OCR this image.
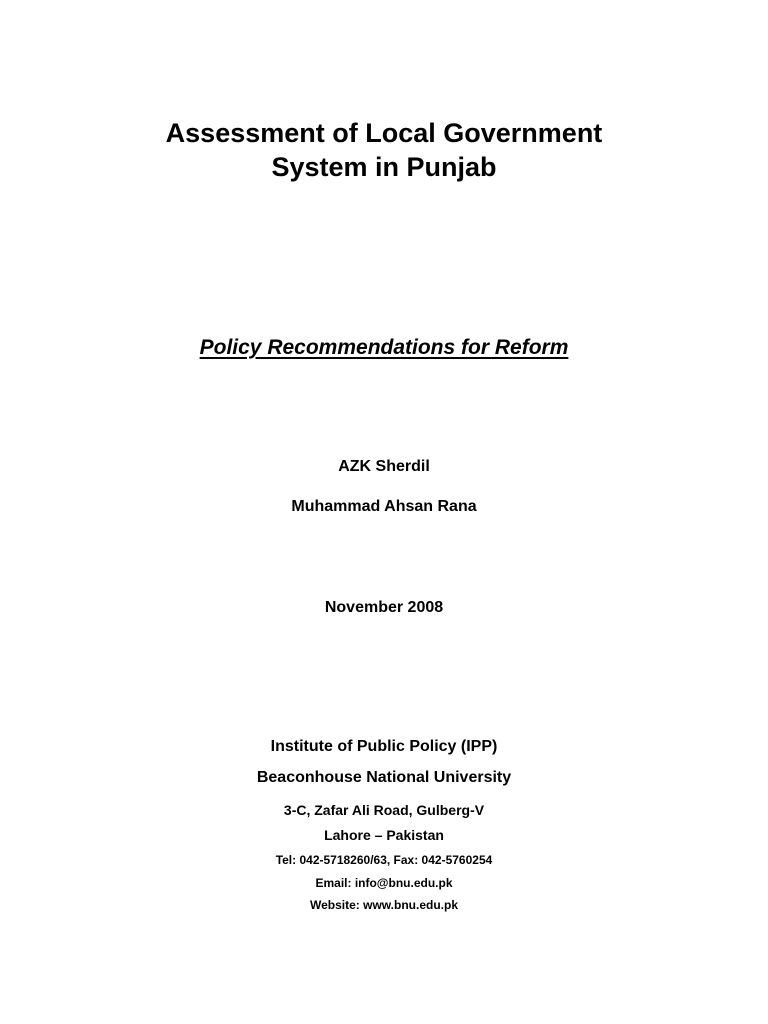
Assessment of Local Government
System in Punjab
Policy Recommendations for Reform
AZK Sherdil
Muhammad Ahsan Rana
November 2008
Institute of Public Policy (IPP)
Beaconhouse National University
3-C, Zafar Ali Road, Gulberg-V
Lahore – Pakistan
Tel: 042-5718260/63, Fax: 042-5760254
Email: info@bnu.edu.pk
Website: www.bnu.edu.pk
